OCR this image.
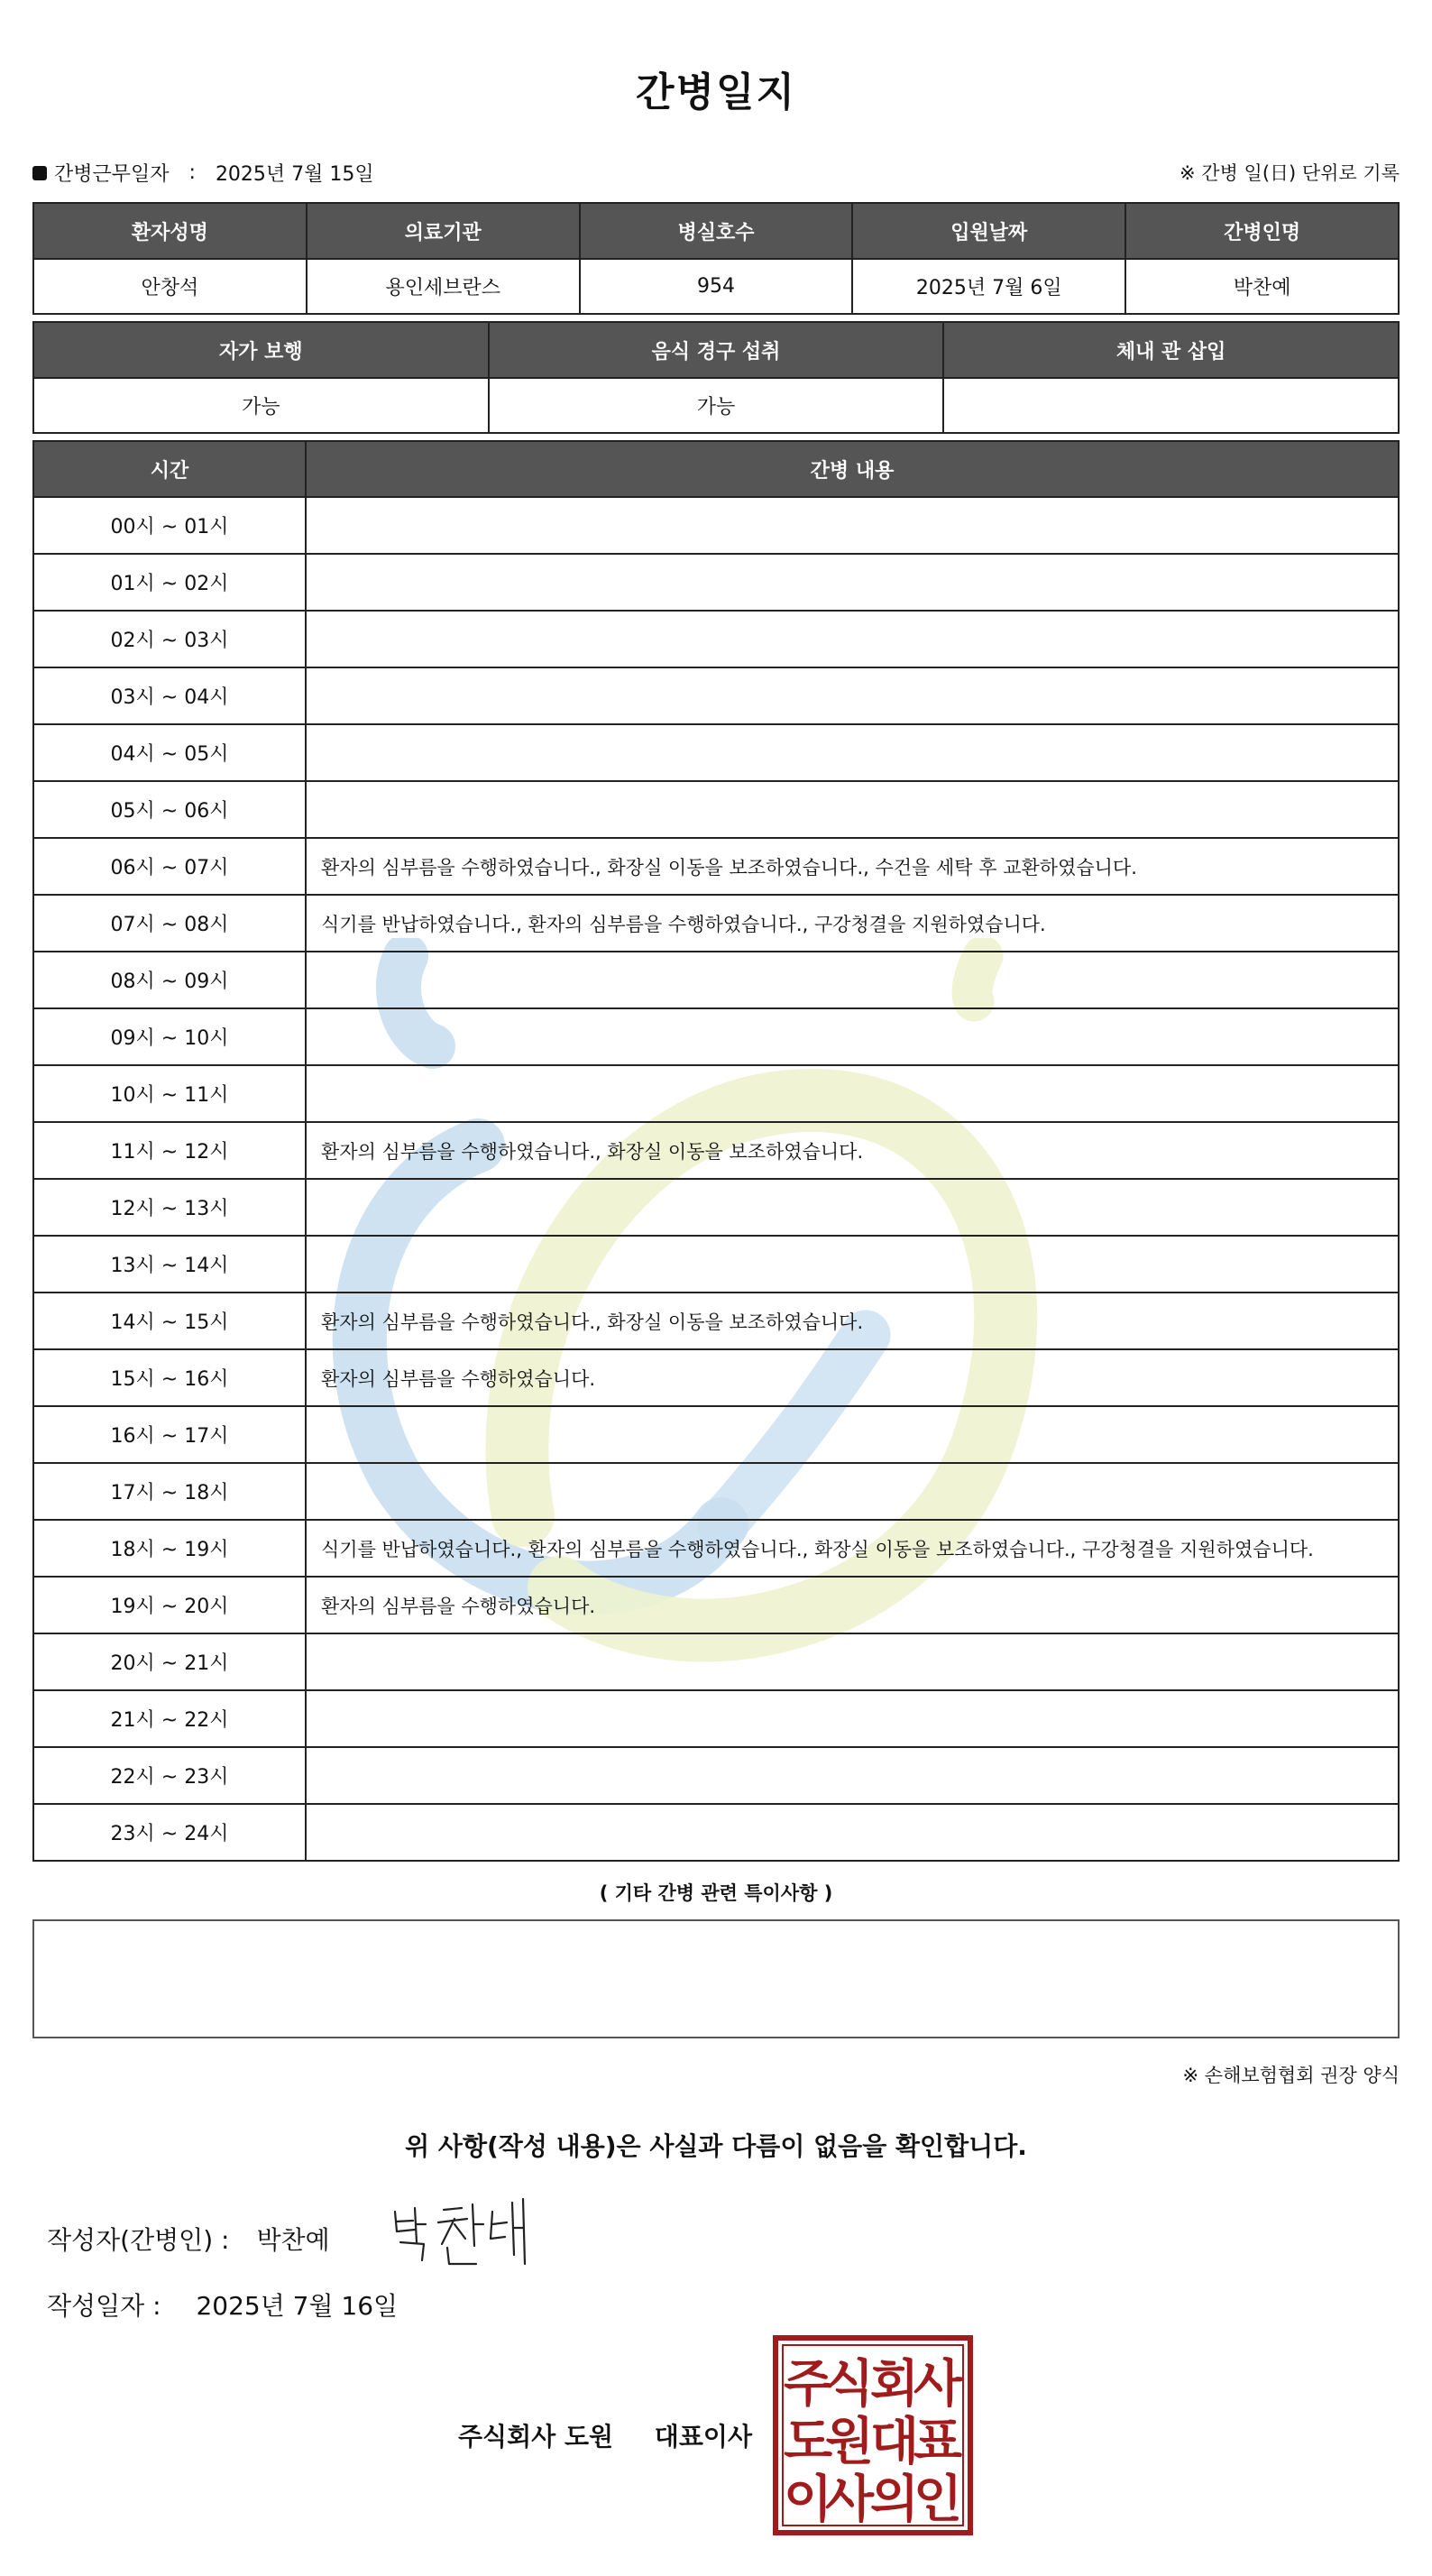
간병일지
간병근무일자 : 2025년 7월 15일	※ 간병 일(日) 단위로 기록
환자성명	의료기관	병실호수	입원날짜	간병인명
안창석	용인세브란스	954	2025년 7월 6일	박찬예
자가 보행	음식 경구 섭취	체내 관 삽입
가능	가능	
시간	간병 내용
00시 ~ 01시	
01시 ~ 02시	
02시 ~ 03시	
03시 ~ 04시	
04시 ~ 05시	
05시 ~ 06시	
06시 ~ 07시	환자의 심부름을 수행하였습니다., 화장실 이동을 보조하였습니다., 수건을 세탁 후 교환하였습니다.
07시 ~ 08시	식기를 반납하였습니다., 환자의 심부름을 수행하였습니다., 구강청결을 지원하였습니다.
08시 ~ 09시	
09시 ~ 10시	
10시 ~ 11시	
11시 ~ 12시	환자의 심부름을 수행하였습니다., 화장실 이동을 보조하였습니다.
12시 ~ 13시	
13시 ~ 14시	
14시 ~ 15시	환자의 심부름을 수행하였습니다., 화장실 이동을 보조하였습니다.
15시 ~ 16시	환자의 심부름을 수행하였습니다.
16시 ~ 17시	
17시 ~ 18시	
18시 ~ 19시	식기를 반납하였습니다., 환자의 심부름을 수행하였습니다., 화장실 이동을 보조하였습니다., 구강청결을 지원하였습니다.
19시 ~ 20시	환자의 심부름을 수행하였습니다.
20시 ~ 21시	
21시 ~ 22시	
22시 ~ 23시	
23시 ~ 24시	
( 기타 간병 관련 특이사항 )
※ 손해보험협회 권장 양식
위 사항(작성 내용)은 사실과 다름이 없음을 확인합니다.
작성자(간병인) : 박찬예
작성일자 : 2025년 7월 16일
주식회사 도원 대표이사
주
식
회
사
도
원
대
표
이
사
의
인
